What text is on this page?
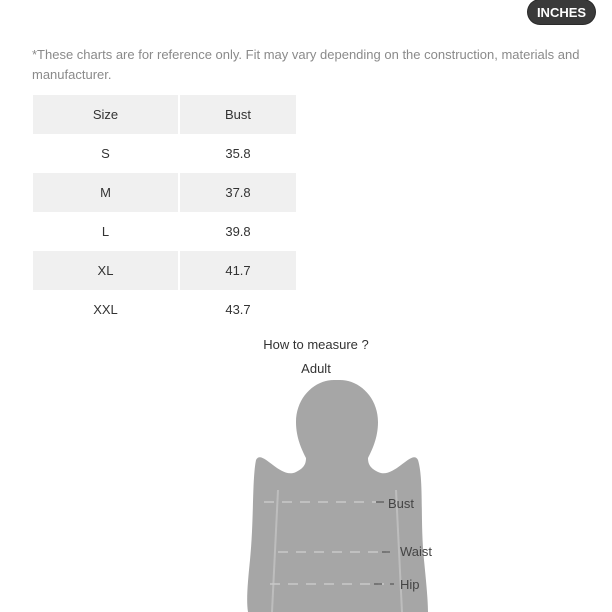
INCHES
*These charts are for reference only. Fit may vary depending on the construction, materials and manufacturer.
Size	Bust
S	35.8
M	37.8
L	39.8
XL	41.7
XXL	43.7
How to measure ?
Adult
Bust
Waist
Hip
